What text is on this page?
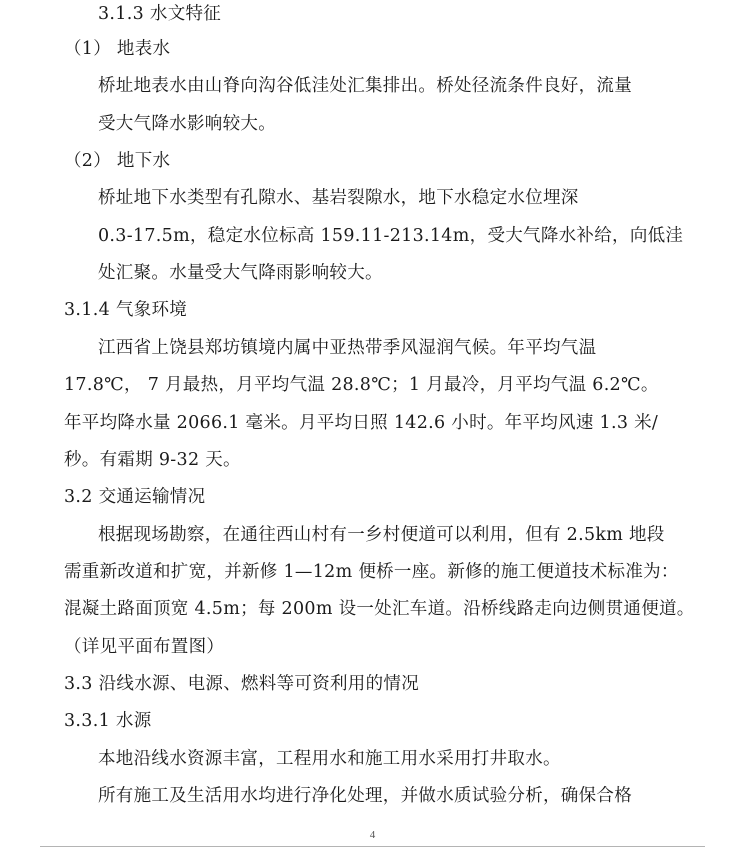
3.1.3 水文特征
（1） 地表水
桥址地表水由山脊向沟谷低洼处汇集排出。桥处径流条件良好，流量
受大气降水影响较大。
（2） 地下水
桥址地下水类型有孔隙水、基岩裂隙水，地下水稳定水位埋深
0.3-17.5m，稳定水位标高 159.11-213.14m，受大气降水补给，向低洼
处汇聚。水量受大气降雨影响较大。
3.1.4 气象环境
江西省上饶县郑坊镇境内属中亚热带季风湿润气候。年平均气温
17.8℃， 7 月最热，月平均气温 28.8℃；1 月最冷，月平均气温 6.2℃。
年平均降水量 2066.1 毫米。月平均日照 142.6 小时。年平均风速 1.3 米/
秒。有霜期 9-32 天。
3.2 交通运输情况
根据现场勘察，在通往西山村有一乡村便道可以利用，但有 2.5km 地段
需重新改道和扩宽，并新修 1—12m 便桥一座。新修的施工便道技术标准为：
混凝土路面顶宽 4.5m；每 200m 设一处汇车道。沿桥线路走向边侧贯通便道。
（详见平面布置图）
3.3 沿线水源、电源、燃料等可资利用的情况
3.3.1 水源
本地沿线水资源丰富，工程用水和施工用水采用打井取水。
所有施工及生活用水均进行净化处理，并做水质试验分析，确保合格
4
